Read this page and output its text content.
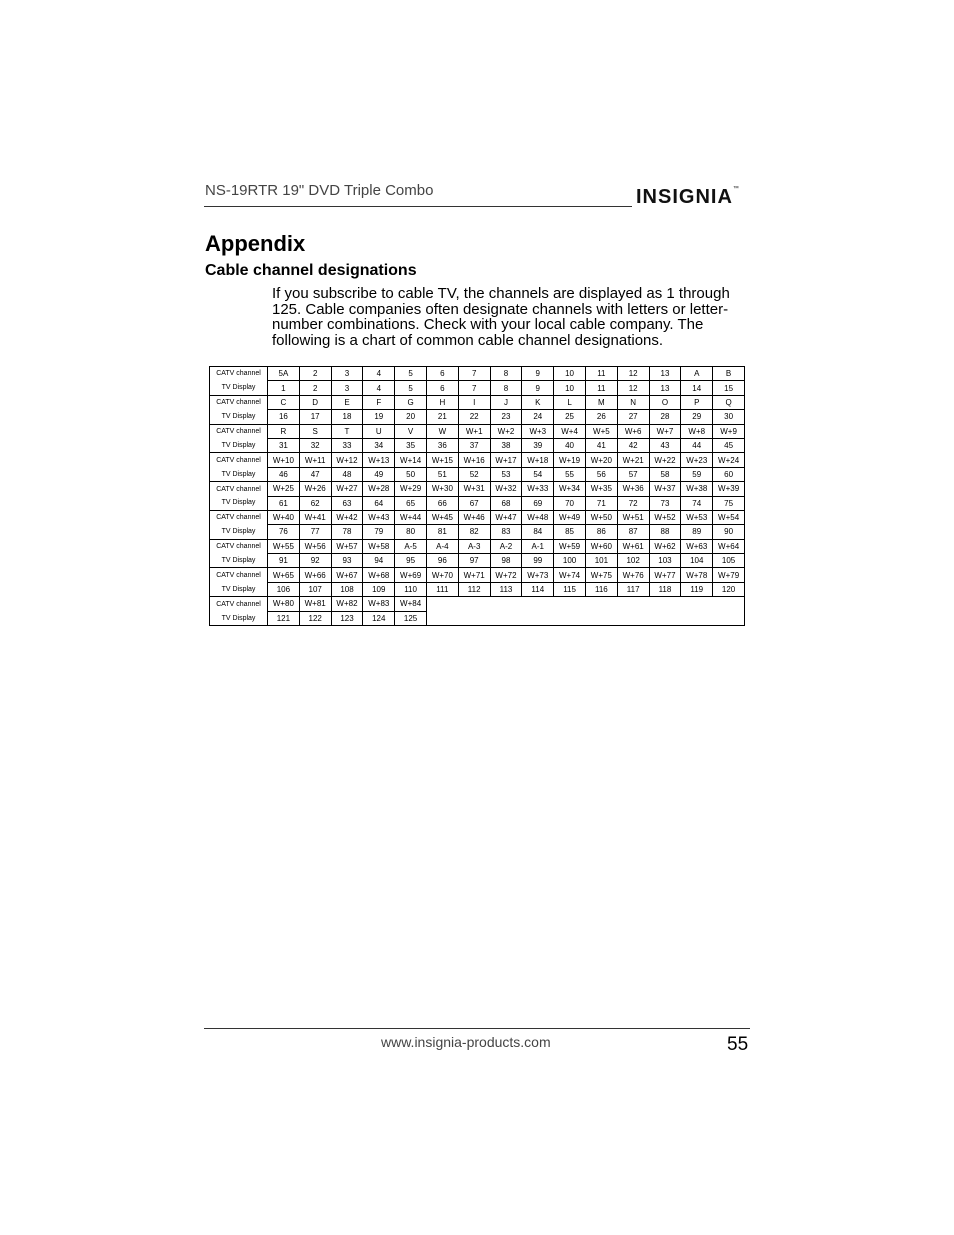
NS-19RTR 19" DVD Triple Combo	INSIGNIA™
Appendix
Cable channel designations

If you subscribe to cable TV, the channels are displayed as 1 through 125. Cable companies often designate channels with letters or letter-number combinations. Check with your local cable company. The following is a chart of common cable channel designations.

CATV channel	5A	2	3	4	5	6	7	8	9	10	11	12	13	A	B
TV Display	1	2	3	4	5	6	7	8	9	10	11	12	13	14	15
CATV channel	C	D	E	F	G	H	I	J	K	L	M	N	O	P	Q
TV Display	16	17	18	19	20	21	22	23	24	25	26	27	28	29	30
CATV channel	R	S	T	U	V	W	W+1	W+2	W+3	W+4	W+5	W+6	W+7	W+8	W+9
TV Display	31	32	33	34	35	36	37	38	39	40	41	42	43	44	45
CATV channel	W+10	W+11	W+12	W+13	W+14	W+15	W+16	W+17	W+18	W+19	W+20	W+21	W+22	W+23	W+24
TV Display	46	47	48	49	50	51	52	53	54	55	56	57	58	59	60
CATV channel	W+25	W+26	W+27	W+28	W+29	W+30	W+31	W+32	W+33	W+34	W+35	W+36	W+37	W+38	W+39
TV Display	61	62	63	64	65	66	67	68	69	70	71	72	73	74	75
CATV channel	W+40	W+41	W+42	W+43	W+44	W+45	W+46	W+47	W+48	W+49	W+50	W+51	W+52	W+53	W+54
TV Display	76	77	78	79	80	81	82	83	84	85	86	87	88	89	90
CATV channel	W+55	W+56	W+57	W+58	A-5	A-4	A-3	A-2	A-1	W+59	W+60	W+61	W+62	W+63	W+64
TV Display	91	92	93	94	95	96	97	98	99	100	101	102	103	104	105
CATV channel	W+65	W+66	W+67	W+68	W+69	W+70	W+71	W+72	W+73	W+74	W+75	W+76	W+77	W+78	W+79
TV Display	106	107	108	109	110	111	112	113	114	115	116	117	118	119	120
CATV channel	W+80	W+81	W+82	W+83	W+84										
TV Display	121	122	123	124	125										
www.insignia-products.com	55
